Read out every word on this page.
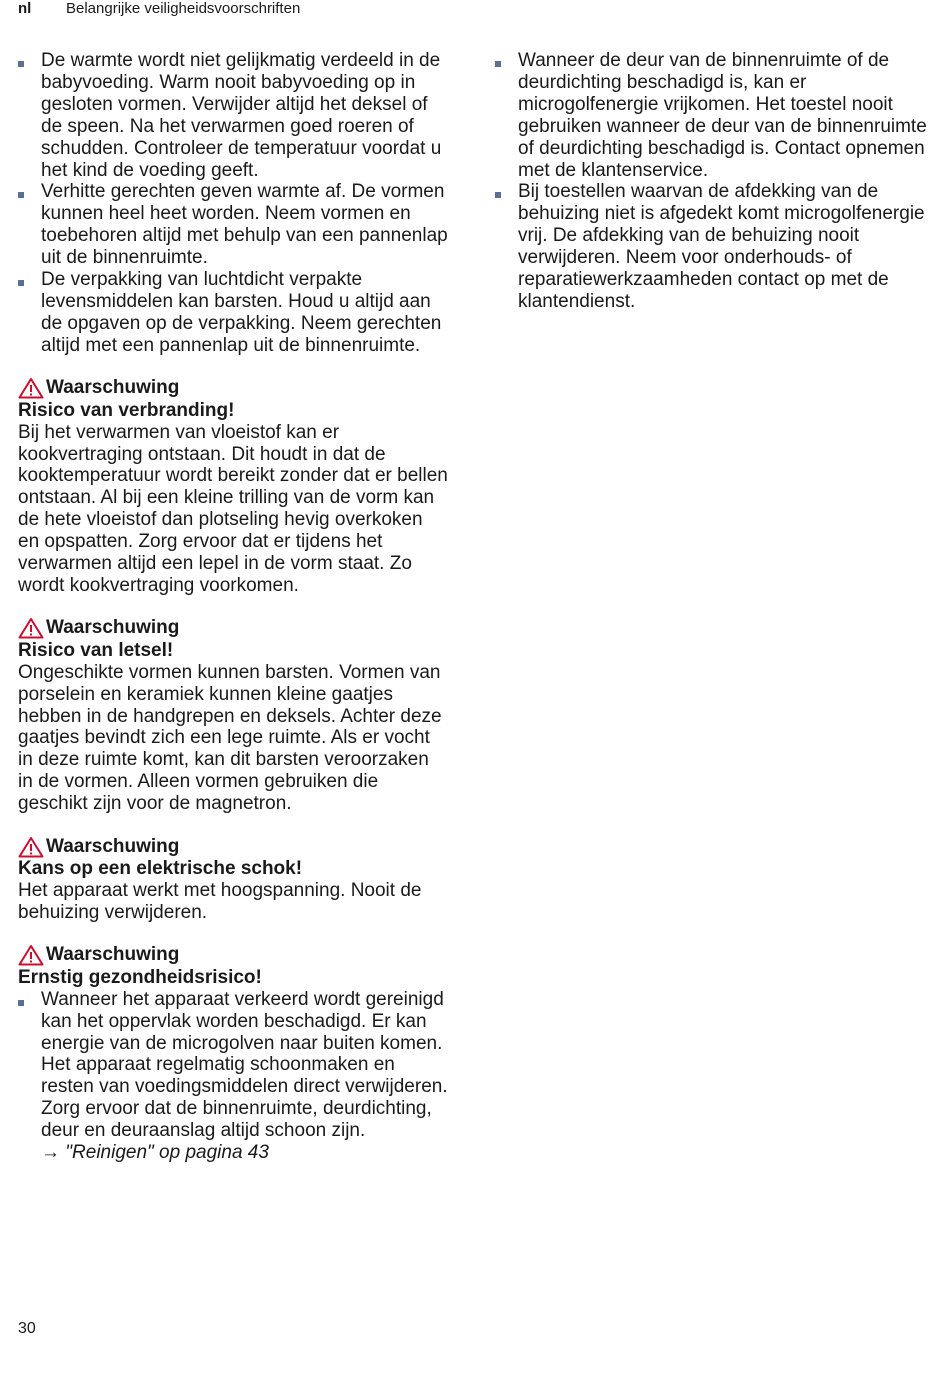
nl Belangrijke veiligheidsvoorschriften
De warmte wordt niet gelijkmatig verdeeld in de babyvoeding. Warm nooit babyvoeding op in gesloten vormen. Verwijder altijd het deksel of de speen. Na het verwarmen goed roeren of schudden. Controleer de temperatuur voordat u het kind de voeding geeft.
Verhitte gerechten geven warmte af. De vormen kunnen heel heet worden. Neem vormen en toebehoren altijd met behulp van een pannenlap uit de binnenruimte.
De verpakking van luchtdicht verpakte levensmiddelen kan barsten. Houd u altijd aan de opgaven op de verpakking. Neem gerechten altijd met een pannenlap uit de binnenruimte.
Waarschuwing
Risico van verbranding!
Bij het verwarmen van vloeistof kan er kookvertraging ontstaan. Dit houdt in dat de kooktemperatuur wordt bereikt zonder dat er bellen ontstaan. Al bij een kleine trilling van de vorm kan de hete vloeistof dan plotseling hevig overkoken en opspatten. Zorg ervoor dat er tijdens het verwarmen altijd een lepel in de vorm staat. Zo wordt kookvertraging voorkomen.
Waarschuwing
Risico van letsel!
Ongeschikte vormen kunnen barsten. Vormen van porselein en keramiek kunnen kleine gaatjes hebben in de handgrepen en deksels. Achter deze gaatjes bevindt zich een lege ruimte. Als er vocht in deze ruimte komt, kan dit barsten veroorzaken in de vormen. Alleen vormen gebruiken die geschikt zijn voor de magnetron.
Waarschuwing
Kans op een elektrische schok!
Het apparaat werkt met hoogspanning. Nooit de behuizing verwijderen.
Waarschuwing
Ernstig gezondheidsrisico!
Wanneer het apparaat verkeerd wordt gereinigd kan het oppervlak worden beschadigd. Er kan energie van de microgolven naar buiten komen. Het apparaat regelmatig schoonmaken en resten van voedingsmiddelen direct verwijderen. Zorg ervoor dat de binnenruimte, deurdichting, deur en deuraanslag altijd schoon zijn.
→ "Reinigen" op pagina 43
Wanneer de deur van de binnenruimte of de deurdichting beschadigd is, kan er microgolfenergie vrijkomen. Het toestel nooit gebruiken wanneer de deur van de binnenruimte of deurdichting beschadigd is. Contact opnemen met de klantenservice.
Bij toestellen waarvan de afdekking van de behuizing niet is afgedekt komt microgolfenergie vrij. De afdekking van de behuizing nooit verwijderen. Neem voor onderhouds- of reparatiewerkzaamheden contact op met de klantendienst.
30
